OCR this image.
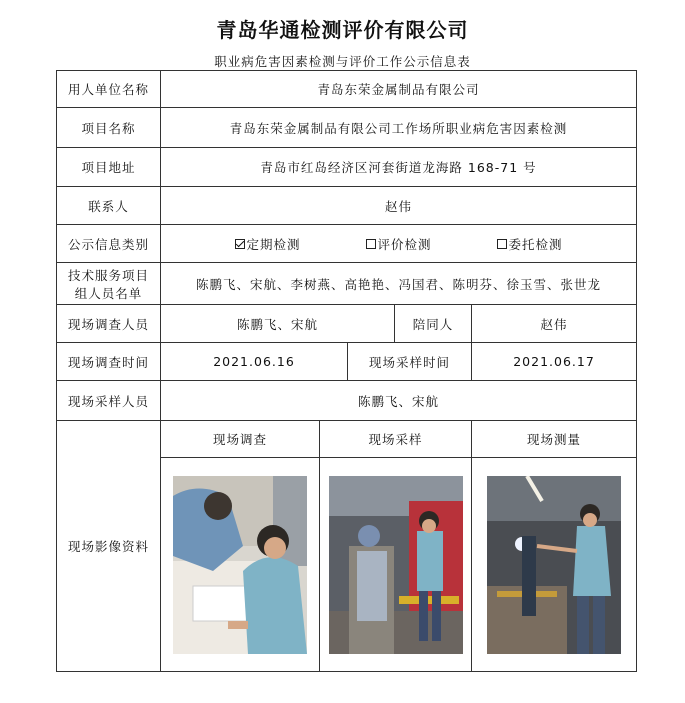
青岛华通检测评价有限公司
职业病危害因素检测与评价工作公示信息表
用人单位名称	青岛东荣金属制品有限公司				
项目名称	青岛东荣金属制品有限公司工作场所职业病危害因素检测				
项目地址	青岛市红岛经济区河套街道龙海路 168-71 号				
联系人	赵伟				
公示信息类别	定期检测
评价检测
委托检测				

技术服务项目
组人员名单	陈鹏飞、宋航、李树燕、高艳艳、冯国君、陈明芬、徐玉雪、张世龙				
现场调查人员	陈鹏飞、宋航			陪同人	赵伟
现场调查时间	2021.06.16		现场采样时间		2021.06.17
现场采样人员	陈鹏飞、宋航				
现场影像资料	现场调查	现场采样			现场测量
